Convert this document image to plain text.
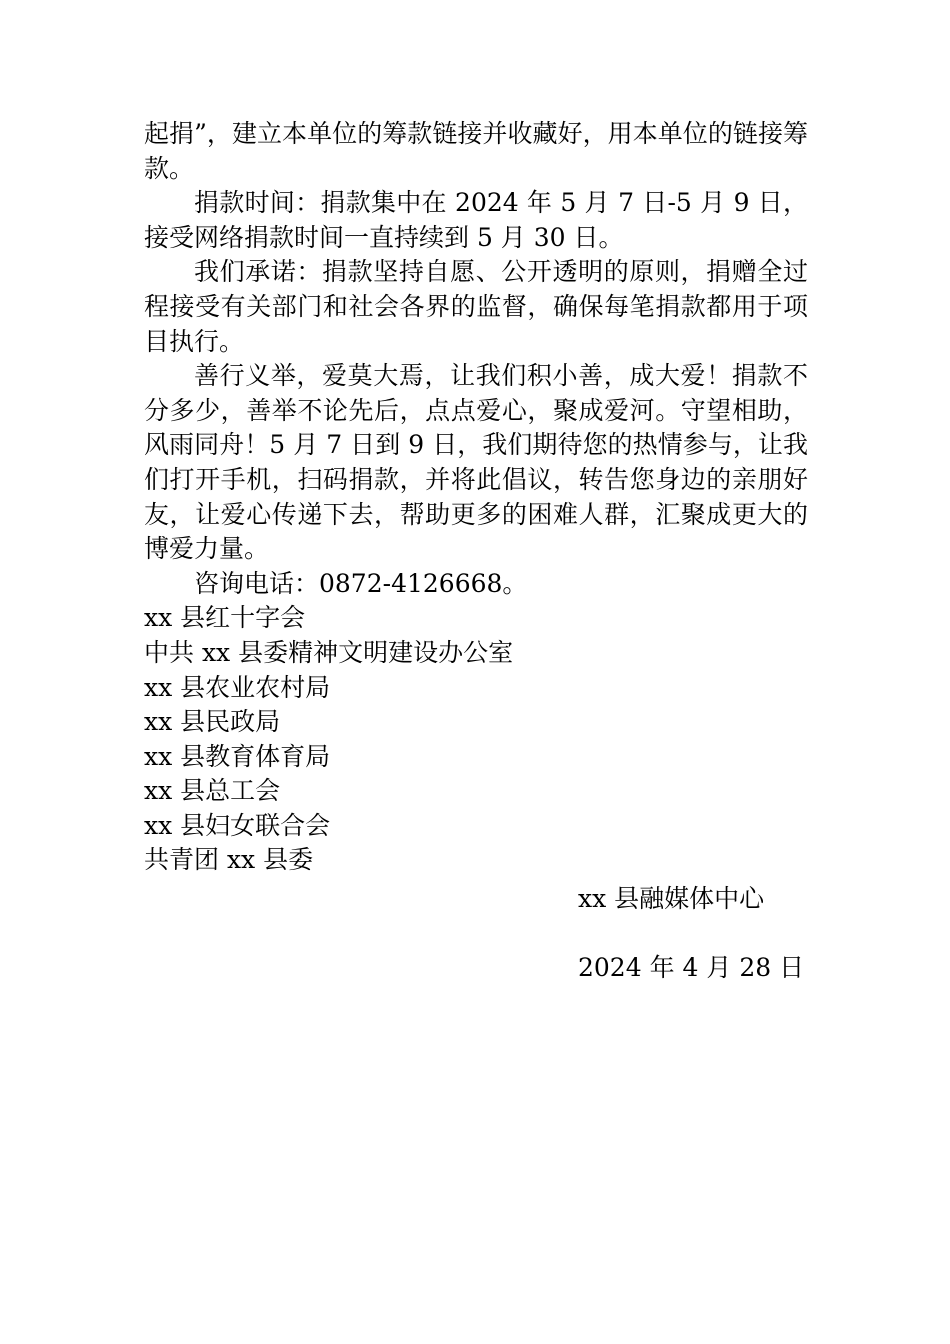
起捐”，建立本单位的筹款链接并收藏好，用本单位的链接筹款。

捐款时间：捐款集中在 2024 年 5 月 7 日-5 月 9 日，接受网络捐款时间一直持续到 5 月 30 日。

我们承诺：捐款坚持自愿、公开透明的原则，捐赠全过程接受有关部门和社会各界的监督，确保每笔捐款都用于项目执行。

善行义举，爱莫大焉，让我们积小善，成大爱！捐款不分多少，善举不论先后，点点爱心，聚成爱河。守望相助，风雨同舟！5 月 7 日到 9 日，我们期待您的热情参与，让我们打开手机，扫码捐款，并将此倡议，转告您身边的亲朋好友，让爱心传递下去，帮助更多的困难人群，汇聚成更大的博爱力量。

咨询电话：0872-4126668。

xx 县红十字会

中共 xx 县委精神文明建设办公室

xx 县农业农村局

xx 县民政局

xx 县教育体育局

xx 县总工会

xx 县妇女联合会

共青团 xx 县委

xx 县融媒体中心
2024 年 4 月 28 日
